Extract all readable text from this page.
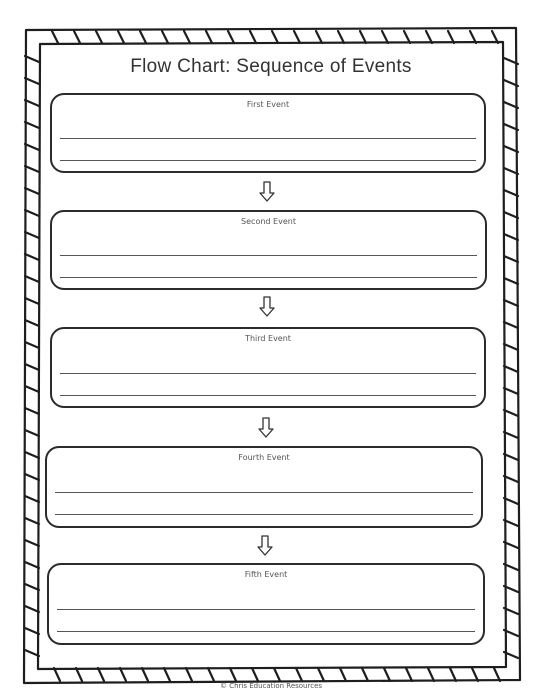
Flow Chart: Sequence of Events
First Event
Second Event
Third Event
Fourth Event
Fifth Event
© Chris Education Resources
